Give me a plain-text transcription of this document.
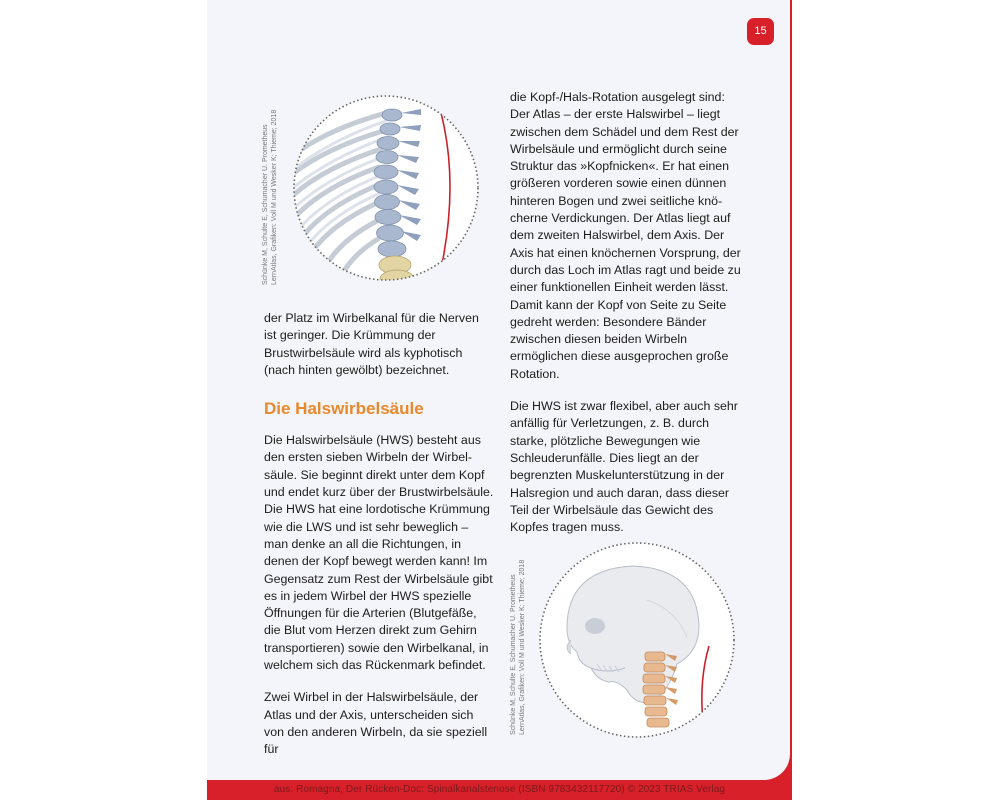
15
Schünke M, Schulte E, Schumacher U. Prometheus LernAtlas, Grafiken: Voll M und Wesker K; Thieme; 2018

der Platz im Wirbelkanal für die Nerven ist geringer. Die Krümmung der Brustwirbelsäule wird als kyphotisch (nach hinten gewölbt) bezeichnet.

Die Halswirbelsäule

Die Halswirbelsäule (HWS) besteht aus den ersten sieben Wirbeln der Wirbelsäule. Sie beginnt direkt unter dem Kopf und endet kurz über der Brustwirbelsäule. Die HWS hat eine lordotische Krümmung wie die LWS und ist sehr beweglich – man denke an all die Richtungen, in denen der Kopf bewegt werden kann! Im Gegensatz zum Rest der Wirbelsäule gibt es in jedem Wirbel der HWS spezielle Öffnungen für die Arterien (Blutgefäße, die Blut vom Herzen direkt zum Gehirn transportieren) sowie den Wirbelkanal, in welchem sich das Rückenmark befindet.

Zwei Wirbel in der Halswirbelsäule, der Atlas und der Axis, unterscheiden sich von den anderen Wirbeln, da sie speziell für

die Kopf-/Hals-Rotation ausgelegt sind: Der Atlas – der erste Halswirbel – liegt zwischen dem Schädel und dem Rest der Wirbelsäule und ermöglicht durch seine Struktur das »Kopfnicken«. Er hat einen größeren vorderen sowie einen dünnen hinteren Bogen und zwei seitliche knöcherne Verdickungen. Der Atlas liegt auf dem zweiten Halswirbel, dem Axis. Der Axis hat einen knöchernen Vorsprung, der durch das Loch im Atlas ragt und beide zu einer funktionellen Einheit werden lässt. Damit kann der Kopf von Seite zu Seite gedreht werden: Besondere Bänder zwischen diesen beiden Wirbeln ermöglichen diese ausgeprochen große Rotation.

Die HWS ist zwar flexibel, aber auch sehr anfällig für Verletzungen, z. B. durch starke, plötzliche Bewegungen wie Schleuderunfälle. Dies liegt an der begrenzten Muskelunterstützung in der Halsregion und auch daran, dass dieser Teil der Wirbelsäule das Gewicht des Kopfes tragen muss.

Schünke M, Schulte E, Schumacher U. Prometheus LernAtlas, Grafiken: Voll M und Wesker K; Thieme; 2018
aus: Romagna, Der Rücken-Doc: Spinalkanalstenose (ISBN 9783432117720) © 2023 TRIAS Verlag
